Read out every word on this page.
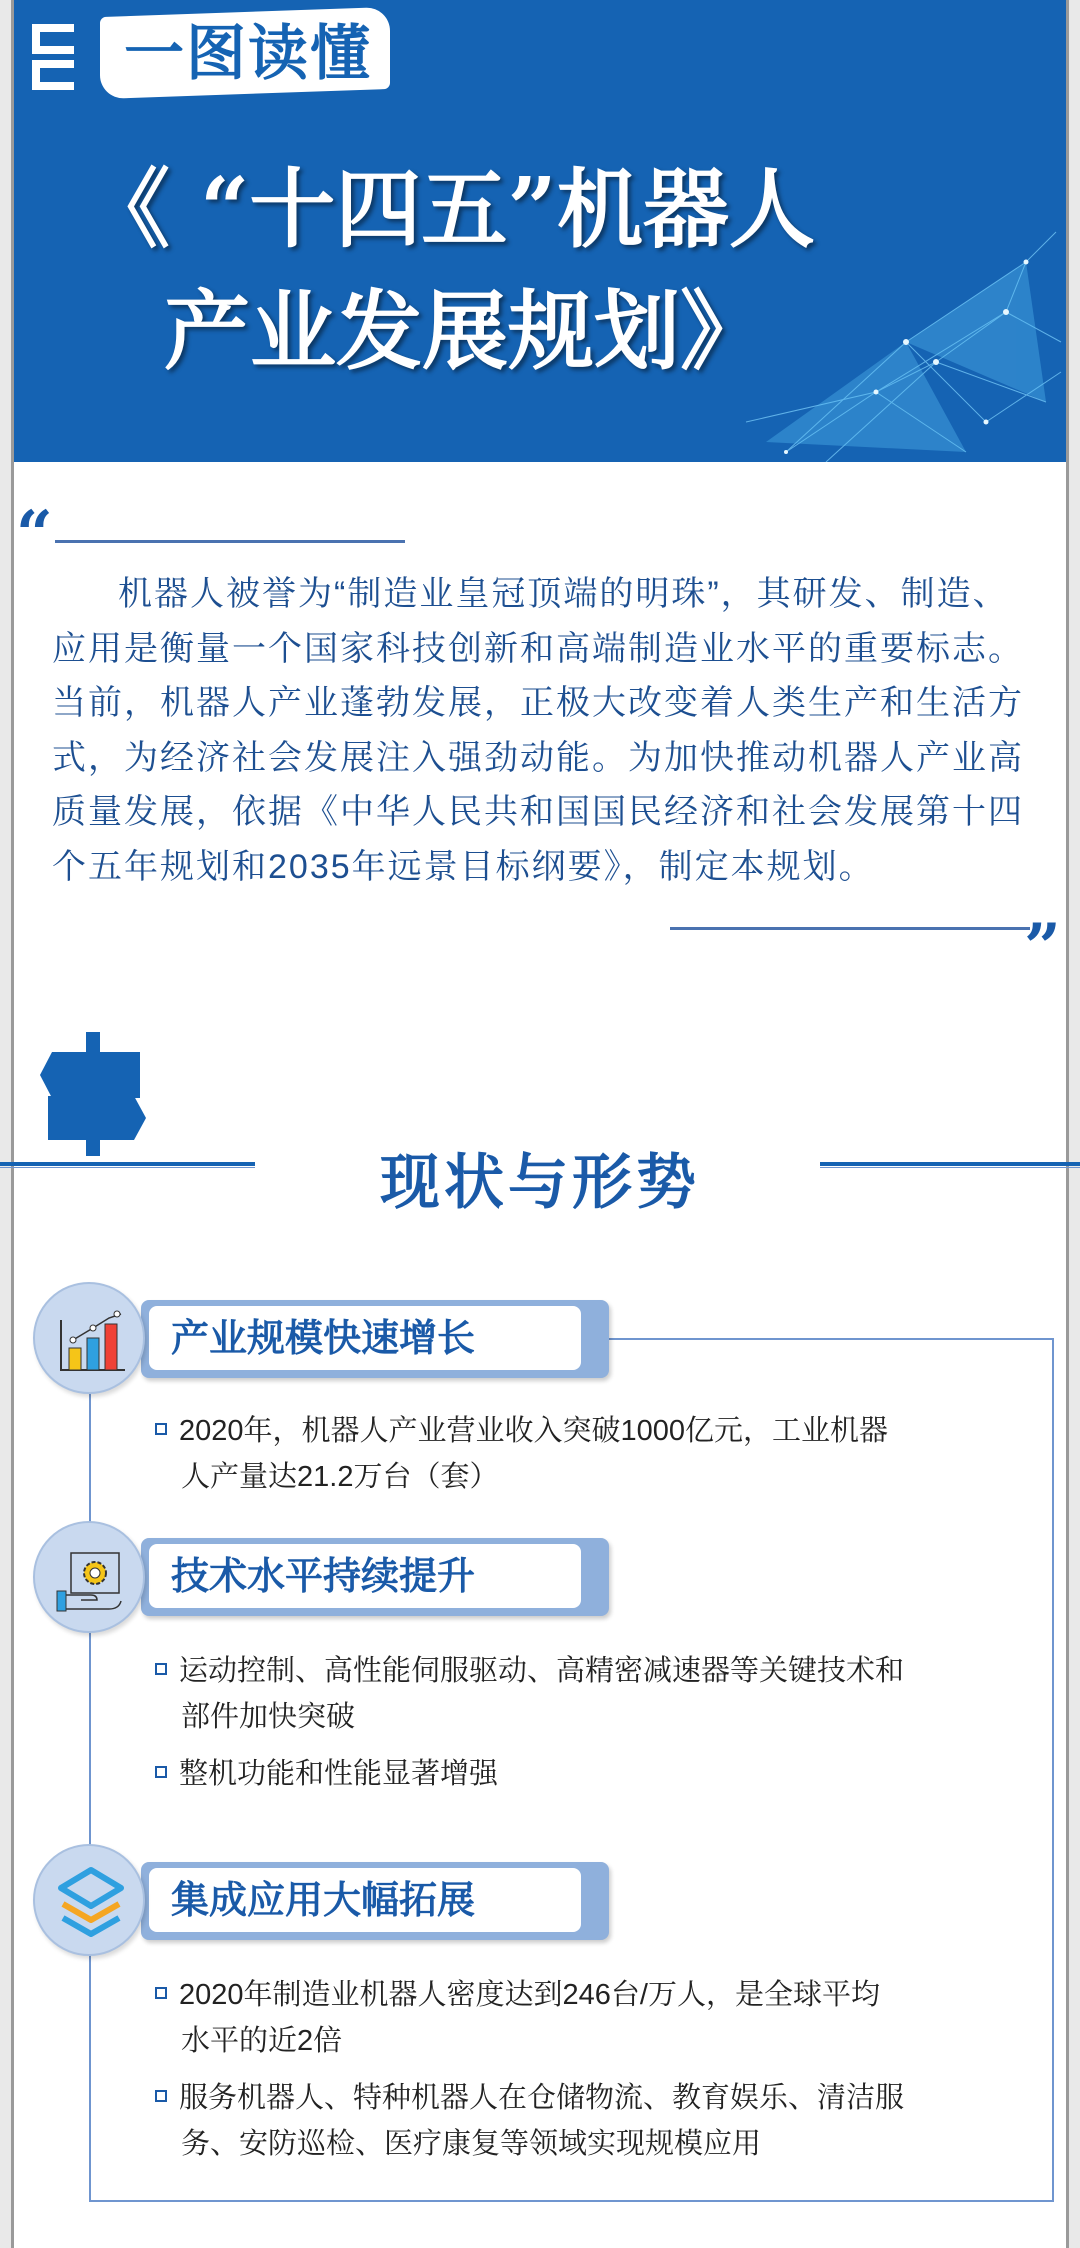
一图读懂
《 “十四五”机器人
产业发展规划》
“
机器人被誉为“制造业皇冠顶端的明珠”，其研发、制造、
应用是衡量一个国家科技创新和高端制造业水平的重要标志。
当前，机器人产业蓬勃发展，正极大改变着人类生产和生活方
式，为经济社会发展注入强劲动能。为加快推动机器人产业高
质量发展，依据《中华人民共和国国民经济和社会发展第十四
个五年规划和2035年远景目标纲要》，制定本规划。
”
现状与形势
产业规模快速增长
2020年，机器人产业营业收入突破1000亿元，工业机器
人产量达21.2万台（套）
技术水平持续提升
运动控制、高性能伺服驱动、高精密减速器等关键技术和
部件加快突破
整机功能和性能显著增强
集成应用大幅拓展
2020年制造业机器人密度达到246台/万人，是全球平均
水平的近2倍
服务机器人、特种机器人在仓储物流、教育娱乐、清洁服
务、安防巡检、医疗康复等领域实现规模应用
